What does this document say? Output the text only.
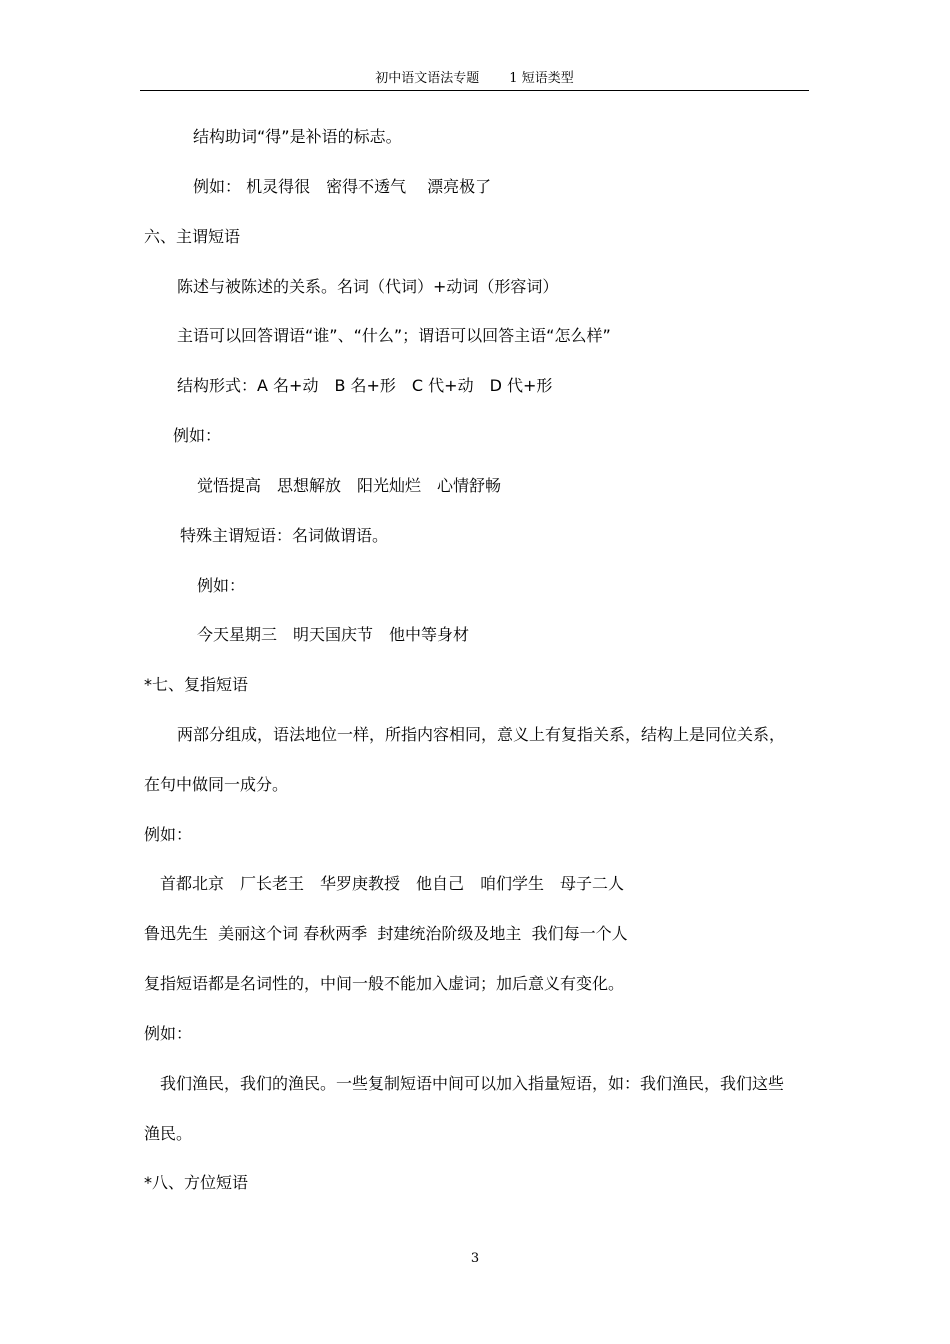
初中语文语法专题 1 短语类型
结构助词“得”是补语的标志。
例如： 机灵得很　密得不透气　 漂亮极了
六、主谓短语
陈述与被陈述的关系。名词（代词）+动词（形容词）
主语可以回答谓语“谁”、“什么”；谓语可以回答主语“怎么样”
结构形式：A 名+动　B 名+形　C 代+动　D 代+形
例如：
觉悟提高　思想解放　阳光灿烂　心情舒畅
特殊主谓短语：名词做谓语。
例如：
今天星期三　明天国庆节　他中等身材
*七、复指短语
两部分组成，语法地位一样，所指内容相同，意义上有复指关系，结构上是同位关系，
在句中做同一成分。
例如：
首都北京　厂长老王　华罗庚教授　他自己　咱们学生　母子二人
鲁迅先生  美丽这个词 春秋两季  封建统治阶级及地主  我们每一个人
复指短语都是名词性的，中间一般不能加入虚词；加后意义有变化。
例如：
我们渔民，我们的渔民。一些复制短语中间可以加入指量短语，如：我们渔民，我们这些
渔民。
*八、方位短语
3
